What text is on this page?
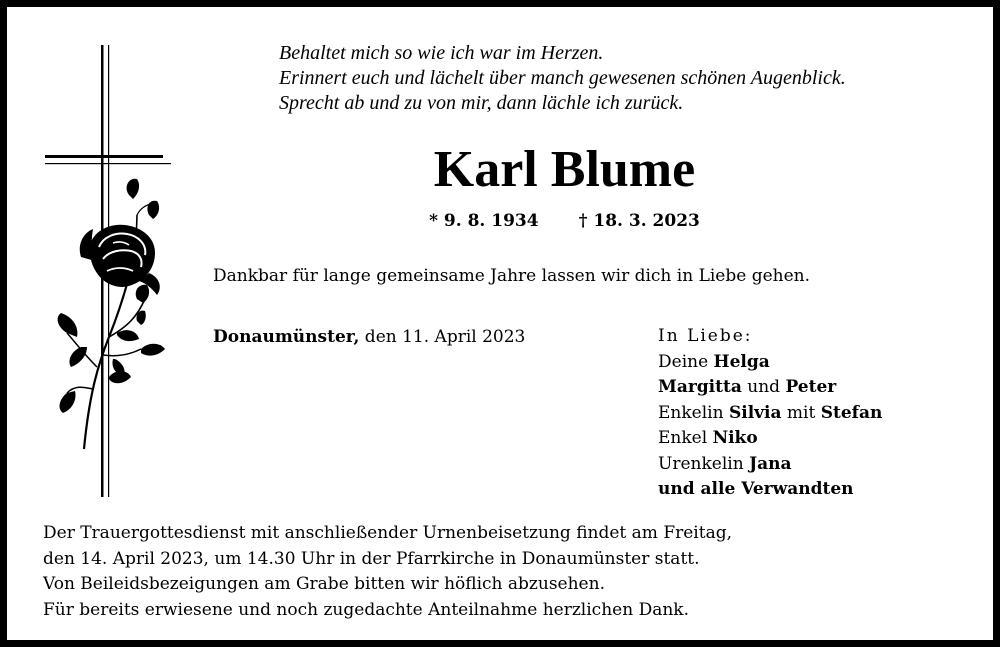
Behaltet mich so wie ich war im Herzen.
Erinnert euch und lächelt über manch gewesenen schönen Augenblick.
Sprecht ab und zu von mir, dann lächle ich zurück.
Karl Blume
* 9. 8. 1934 † 18. 3. 2023
Dankbar für lange gemeinsame Jahre lassen wir dich in Liebe gehen.
Donaumünster, den 11. April 2023	In Liebe:
Deine Helga
Margitta und Peter
Enkelin Silvia mit Stefan
Enkel Niko
Urenkelin Jana
und alle Verwandten
Der Trauergottesdienst mit anschließender Urnenbeisetzung findet am Freitag,
den 14. April 2023, um 14.30 Uhr in der Pfarrkirche in Donaumünster statt.
Von Beileidsbezeigungen am Grabe bitten wir höflich abzusehen.
Für bereits erwiesene und noch zugedachte Anteilnahme herzlichen Dank.
